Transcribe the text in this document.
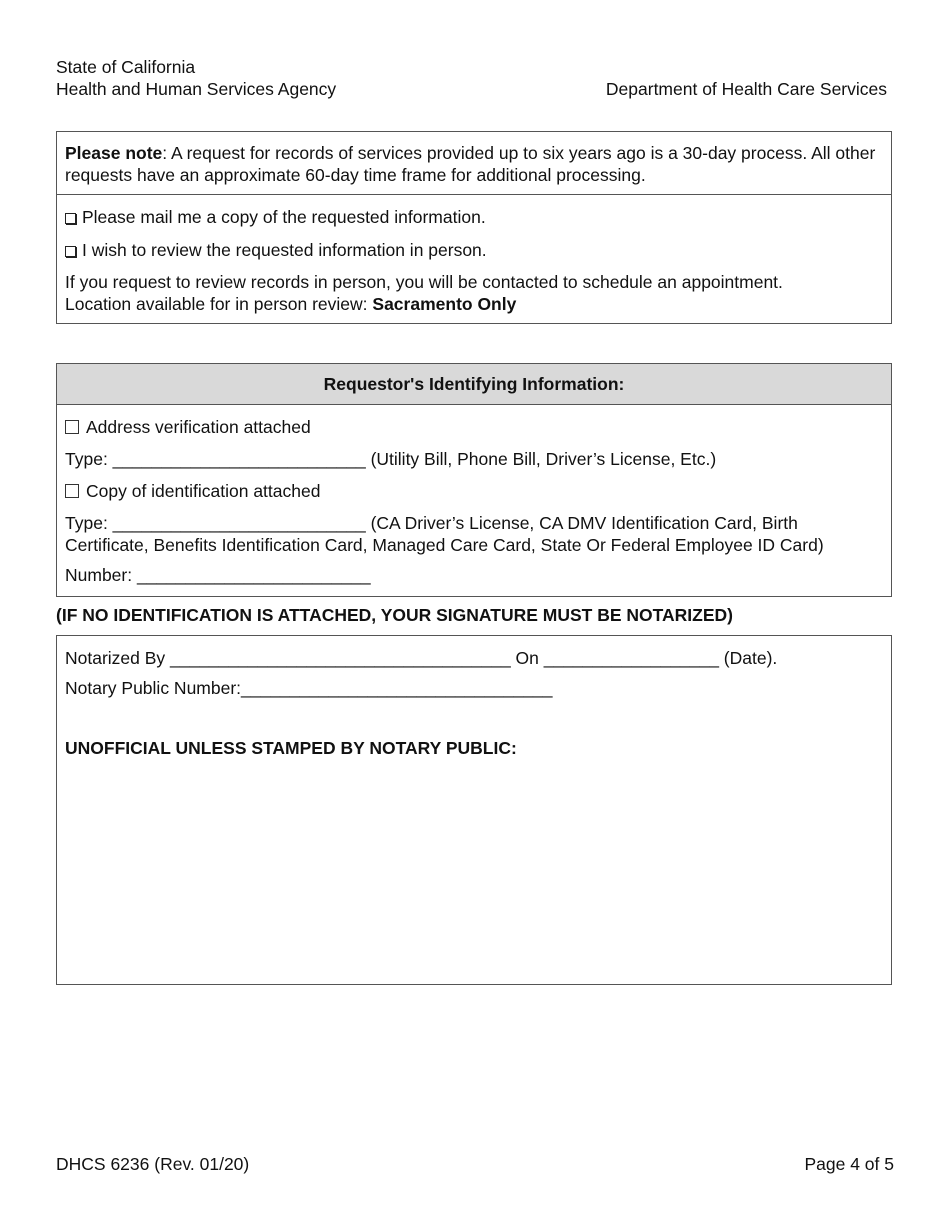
State of California
Health and Human Services Agency	Department of Health Care Services
Please note: A request for records of services provided up to six years ago is a 30-day process. All other requests have an approximate 60-day time frame for additional processing.
Please mail me a copy of the requested information.
I wish to review the requested information in person.
If you request to review records in person, you will be contacted to schedule an appointment.
Location available for in person review: Sacramento Only
Requestor's Identifying Information:
Address verification attached
Type: __________________________ (Utility Bill, Phone Bill, Driver’s License, Etc.)
Copy of identification attached
Type: __________________________ (CA Driver’s License, CA DMV Identification Card, Birth
Certificate, Benefits Identification Card, Managed Care Card, State Or Federal Employee ID Card)
Number: ________________________
(IF NO IDENTIFICATION IS ATTACHED, YOUR SIGNATURE MUST BE NOTARIZED)
Notarized By ___________________________________ On __________________ (Date).
Notary Public Number:________________________________
UNOFFICIAL UNLESS STAMPED BY NOTARY PUBLIC:
DHCS 6236 (Rev. 01/20)	Page 4 of 5
